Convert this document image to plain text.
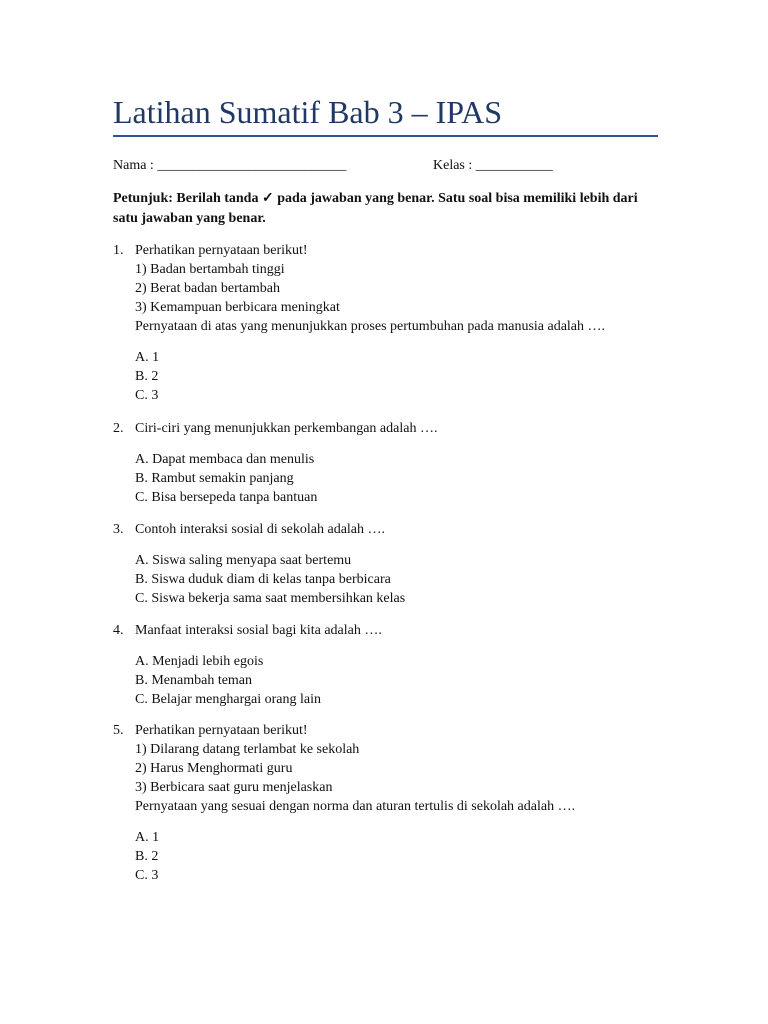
Latihan Sumatif Bab 3 – IPAS
Nama : ___________________________	Kelas : ___________
Petunjuk: Berilah tanda ✓ pada jawaban yang benar. Satu soal bisa memiliki lebih dari satu jawaban yang benar.
1. Perhatikan pernyataan berikut!
1) Badan bertambah tinggi
2) Berat badan bertambah
3) Kemampuan berbicara meningkat
Pernyataan di atas yang menunjukkan proses pertumbuhan pada manusia adalah ….
A. 1
B. 2
C. 3
2. Ciri-ciri yang menunjukkan perkembangan adalah ….
A. Dapat membaca dan menulis
B. Rambut semakin panjang
C. Bisa bersepeda tanpa bantuan
3. Contoh interaksi sosial di sekolah adalah ….
A. Siswa saling menyapa saat bertemu
B. Siswa duduk diam di kelas tanpa berbicara
C. Siswa bekerja sama saat membersihkan kelas
4. Manfaat interaksi sosial bagi kita adalah ….
A. Menjadi lebih egois
B. Menambah teman
C. Belajar menghargai orang lain
5. Perhatikan pernyataan berikut!
1) Dilarang datang terlambat ke sekolah
2) Harus Menghormati guru
3) Berbicara saat guru menjelaskan
Pernyataan yang sesuai dengan norma dan aturan tertulis di sekolah adalah ….
A. 1
B. 2
C. 3
